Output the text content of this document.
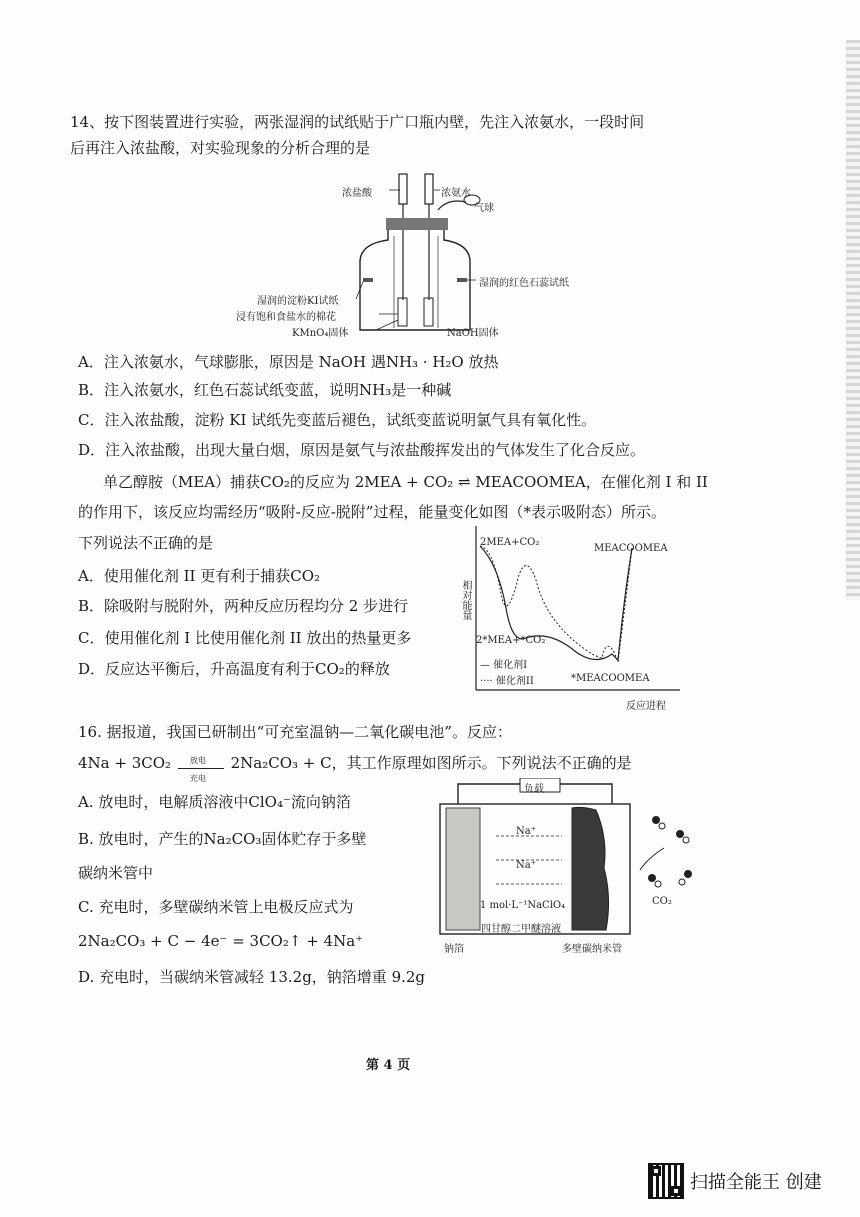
14、按下图装置进行实验，两张湿润的试纸贴于广口瓶内壁，先注入浓氨水，一段时间
后再注入浓盐酸，对实验现象的分析合理的是
浓盐酸	浓氨水
气球
湿润的红色石蕊试纸
湿润的淀粉KI试纸
浸有饱和食盐水的棉花
KMnO₄固体	NaOH固体
A．注入浓氨水，气球膨胀，原因是 NaOH 遇NH₃ · H₂O 放热
B．注入浓氨水，红色石蕊试纸变蓝，说明NH₃是一种碱
C．注入浓盐酸，淀粉 KI 试纸先变蓝后褪色，试纸变蓝说明氯气具有氧化性。
D．注入浓盐酸，出现大量白烟，原因是氨气与浓盐酸挥发出的气体发生了化合反应。
单乙醇胺（MEA）捕获CO₂的反应为 2MEA + CO₂ ⇌ MEACOOMEA，在催化剂 I 和 II
的作用下，该反应均需经历“吸附-反应-脱附”过程，能量变化如图（*表示吸附态）所示。
下列说法不正确的是
A．使用催化剂 II 更有利于捕获CO₂
B．除吸附与脱附外，两种反应历程均分 2 步进行
C．使用催化剂 I 比使用催化剂 II 放出的热量更多
D．反应达平衡后，升高温度有利于CO₂的释放
相对能量
2MEA+CO₂
MEACOOMEA
2*MEA+*CO₂
*MEACOOMEA
— 催化剂I
···· 催化剂II
反应进程
16. 据报道，我国已研制出“可充室温钠—二氧化碳电池”。反应：
4Na + 3CO₂ 放电
充电
2Na₂CO₃ + C，其工作原理如图所示。下列说法不正确的是
A. 放电时，电解质溶液中ClO₄⁻流向钠箔
B. 放电时，产生的Na₂CO₃固体贮存于多壁
碳纳米管中
C. 充电时，多壁碳纳米管上电极反应式为
2Na₂CO₃ + C − 4e⁻ = 3CO₂↑ + 4Na⁺
D. 充电时，当碳纳米管减轻 13.2g，钠箔增重 9.2g
负载
Na⁺
Na⁺
1 mol·L⁻¹NaClO₄
四甘醇二甲醚溶液
钠箔	多壁碳纳米管
CO₂
第 4 页
扫描全能王 创建
